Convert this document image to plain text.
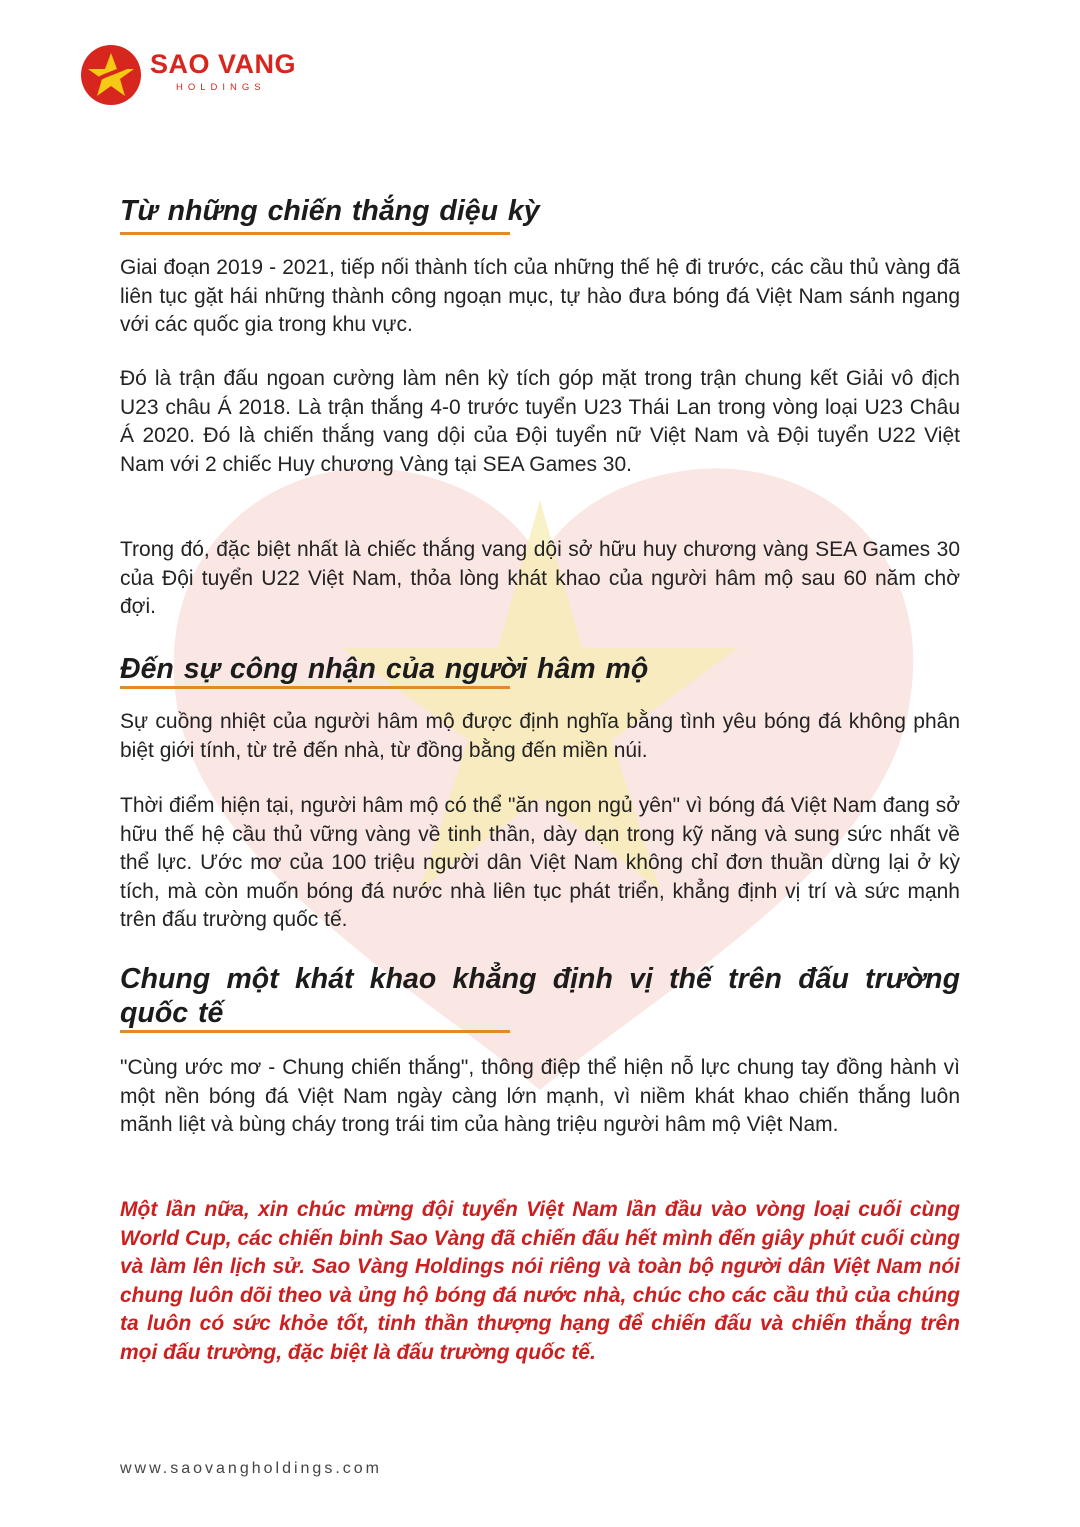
SAO VANG
HOLDINGS
Từ những chiến thắng diệu kỳ

Giai đoạn 2019 - 2021, tiếp nối thành tích của những thế hệ đi trước, các cầu thủ vàng đã liên tục gặt hái những thành công ngoạn mục, tự hào đưa bóng đá Việt Nam sánh ngang với các quốc gia trong khu vực.

Đó là trận đấu ngoan cường làm nên kỳ tích góp mặt trong trận chung kết Giải vô địch U23 châu Á 2018. Là trận thắng 4-0 trước tuyển U23 Thái Lan trong vòng loại U23 Châu Á 2020. Đó là chiến thắng vang dội của Đội tuyển nữ Việt Nam và Đội tuyển U22 Việt Nam với 2 chiếc Huy chương Vàng tại SEA Games 30.

Trong đó, đặc biệt nhất là chiếc thắng vang dội sở hữu huy chương vàng SEA Games 30 của Đội tuyển U22 Việt Nam, thỏa lòng khát khao của người hâm mộ sau 60 năm chờ đợi.

Đến sự công nhận của người hâm mộ

Sự cuồng nhiệt của người hâm mộ được định nghĩa bằng tình yêu bóng đá không phân biệt giới tính, từ trẻ đến nhà, từ đồng bằng đến miền núi.

Thời điểm hiện tại, người hâm mộ có thể "ăn ngon ngủ yên" vì bóng đá Việt Nam đang sở hữu thế hệ cầu thủ vững vàng về tinh thần, dày dạn trong kỹ năng và sung sức nhất về thể lực. Ước mơ của 100 triệu người dân Việt Nam không chỉ đơn thuần dừng lại ở kỳ tích, mà còn muốn bóng đá nước nhà liên tục phát triển, khẳng định vị trí và sức mạnh trên đấu trường quốc tế.

Chung một khát khao khẳng định vị thế trên đấu trường quốc tế

"Cùng ước mơ - Chung chiến thắng", thông điệp thể hiện nỗ lực chung tay đồng hành vì một nền bóng đá Việt Nam ngày càng lớn mạnh, vì niềm khát khao chiến thắng luôn mãnh liệt và bùng cháy trong trái tim của hàng triệu người hâm mộ Việt Nam.

Một lần nữa, xin chúc mừng đội tuyển Việt Nam lần đầu vào vòng loại cuối cùng World Cup, các chiến binh Sao Vàng đã chiến đấu hết mình đến giây phút cuối cùng và làm lên lịch sử. Sao Vàng Holdings nói riêng và toàn bộ người dân Việt Nam nói chung luôn dõi theo và ủng hộ bóng đá nước nhà, chúc cho các cầu thủ của chúng ta luôn có sức khỏe tốt, tinh thần thượng hạng để chiến đấu và chiến thắng trên mọi đấu trường, đặc biệt là đấu trường quốc tế.

www.saovangholdings.com
